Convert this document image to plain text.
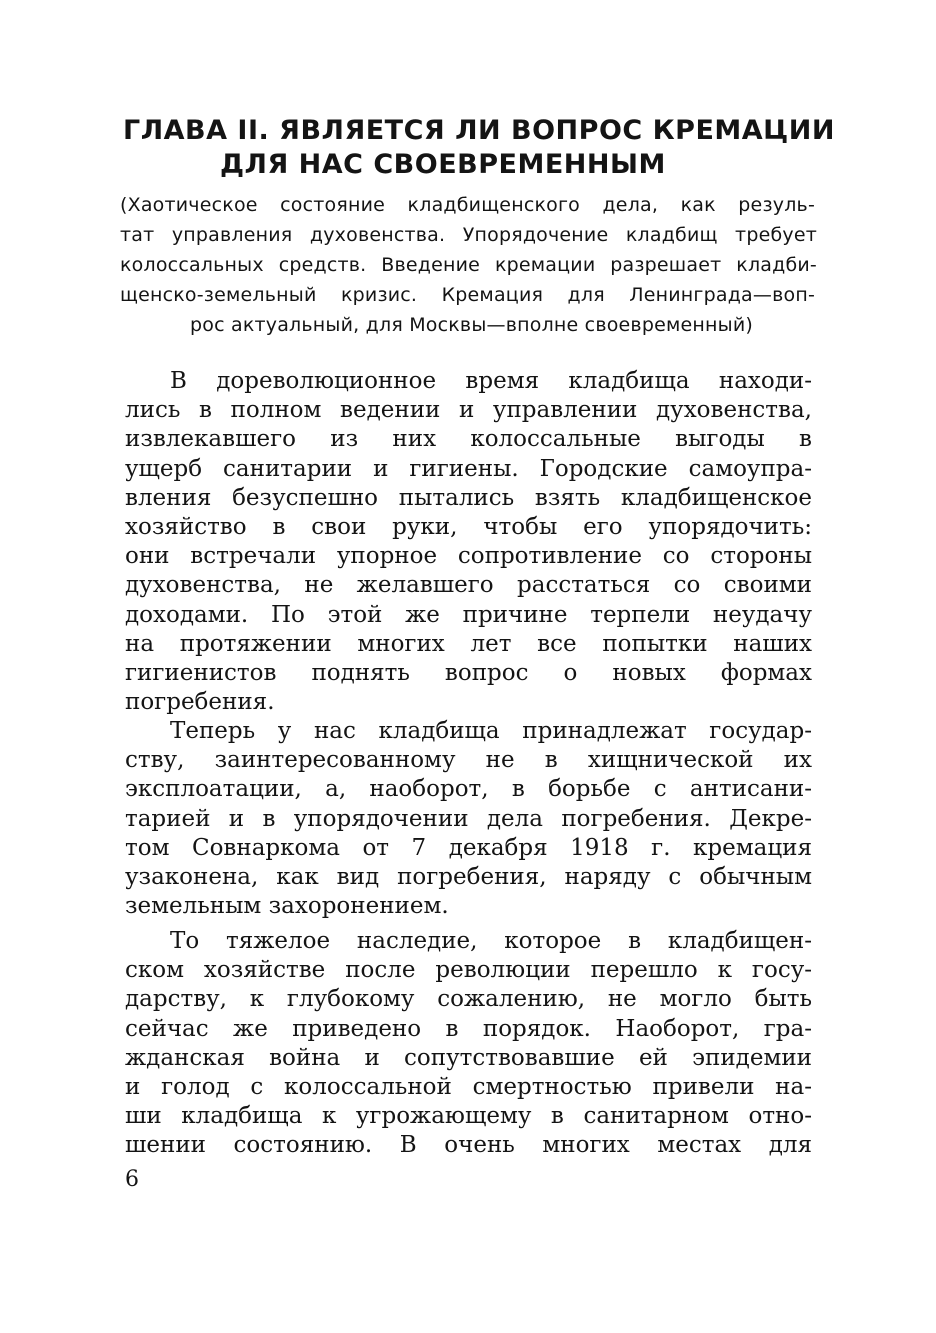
ГЛАВА II. ЯВЛЯЕТСЯ ЛИ ВОПРОС КРЕМАЦИИ
ДЛЯ НАС СВОЕВРЕМЕННЫМ
(Хаотическое состояние кладбищенского дела, как резуль-
тат управления духовенства. Упорядочение кладбищ требует
колоссальных средств. Введение кремации разрешает кладби-
щенско-земельный кризис. Кремация для Ленинграда—воп-
рос актуальный, для Москвы—вполне своевременный)
В дореволюционное время кладбища находи-
лись в полном ведении и управлении духовенства,
извлекавшего из них колоссальные выгоды в
ущерб санитарии и гигиены. Городские самоупра-
вления безуспешно пытались взять кладбищенское
хозяйство в свои руки, чтобы его упорядочить:
они встречали упорное сопротивление со стороны
духовенства, не желавшего расстаться со своими
доходами. По этой же причине терпели неудачу
на протяжении многих лет все попытки наших
гигиенистов поднять вопрос о новых формах
погребения.
Теперь у нас кладбища принадлежат государ-
ству, заинтересованному не в хищнической их
эксплоатации, а, наоборот, в борьбе с антисани-
тарией и в упорядочении дела погребения. Декре-
том Совнаркома от 7 декабря 1918 г. кремация
узаконена, как вид погребения, наряду с обычным
земельным захоронением.
То тяжелое наследие, которое в кладбищен-
ском хозяйстве после революции перешло к госу-
дарству, к глубокому сожалению, не могло быть
сейчас же приведено в порядок. Наоборот, гра-
жданская война и сопутствовавшие ей эпидемии
и голод с колоссальной смертностью привели на-
ши кладбища к угрожающему в санитарном отно-
шении состоянию. В очень многих местах для
6
